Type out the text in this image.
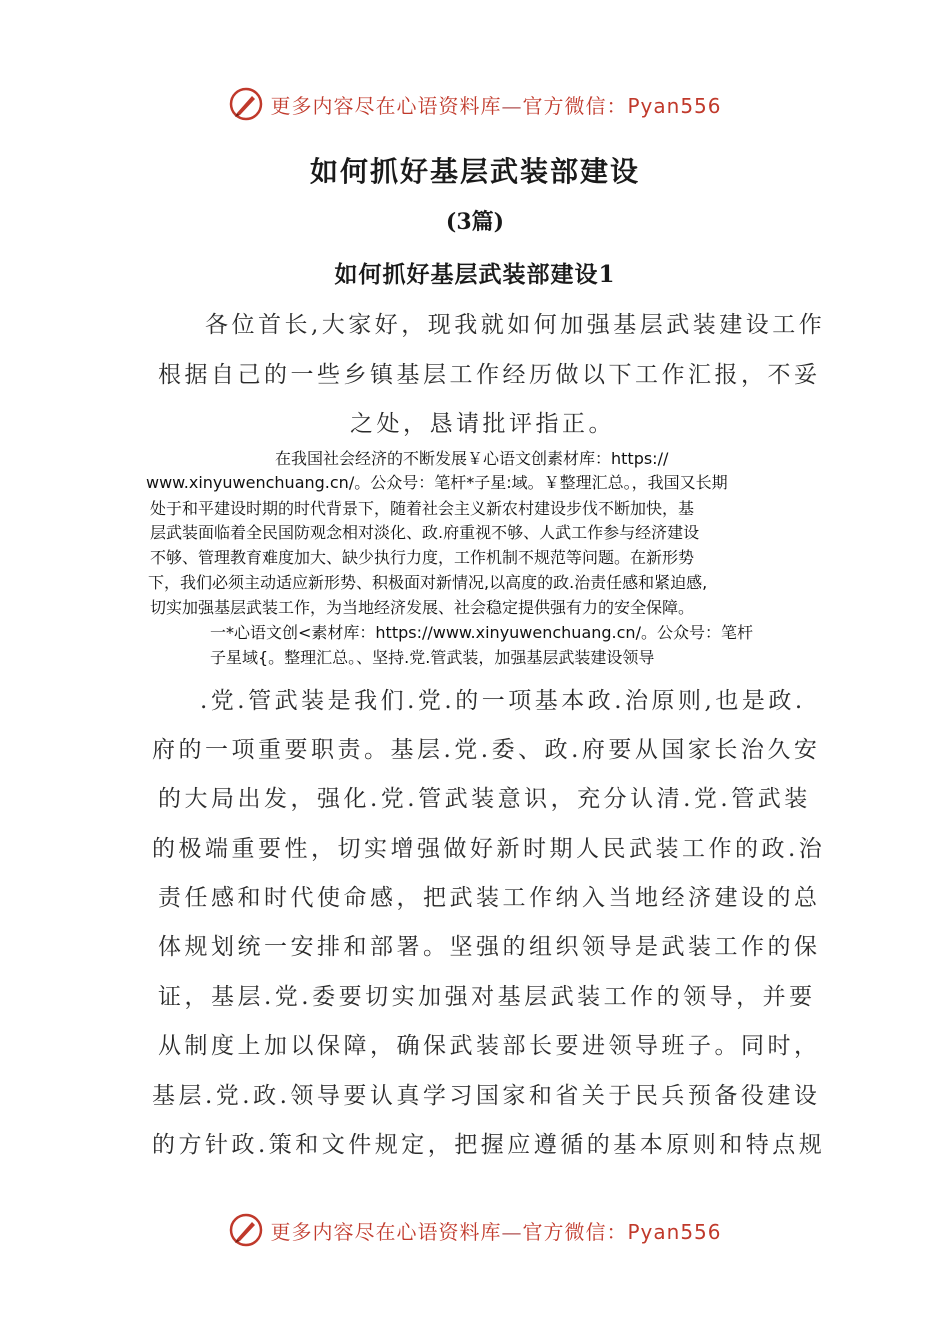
更多内容尽在心语资料库—官方微信：Pyan556
如何抓好基层武装部建设
(3篇)
如何抓好基层武装部建设1
各位首长,大家好，现我就如何加强基层武装建设工作
根据自己的一些乡镇基层工作经历做以下工作汇报，不妥
之处，恳请批评指正。
在我国社会经济的不断发展￥心语文创素材库：https://
www.xinyuwenchuang.cn/。公众号：笔杆*子星:域。￥整理汇总。，我国又长期
处于和平建设时期的时代背景下，随着社会主义新农村建设步伐不断加快，基
层武装面临着全民国防观念相对淡化、政.府重视不够、人武工作参与经济建设
不够、管理教育难度加大、缺少执行力度，工作机制不规范等问题。在新形势
下，我们必须主动适应新形势、积极面对新情况,以高度的政.治责任感和紧迫感,
切实加强基层武装工作，为当地经济发展、社会稳定提供强有力的安全保障。
一*心语文创<素材库：https://www.xinyuwenchuang.cn/。公众号：笔杆
子星域{。整理汇总。、坚持.党.管武装，加强基层武装建设领导
.党.管武装是我们.党.的一项基本政.治原则,也是政.
府的一项重要职责。基层.党.委、政.府要从国家长治久安
的大局出发，强化.党.管武装意识，充分认清.党.管武装
的极端重要性，切实增强做好新时期人民武装工作的政.治
责任感和时代使命感，把武装工作纳入当地经济建设的总
体规划统一安排和部署。坚强的组织领导是武装工作的保
证，基层.党.委要切实加强对基层武装工作的领导，并要
从制度上加以保障，确保武装部长要进领导班子。同时，
基层.党.政.领导要认真学习国家和省关于民兵预备役建设
的方针政.策和文件规定，把握应遵循的基本原则和特点规
更多内容尽在心语资料库—官方微信：Pyan556
